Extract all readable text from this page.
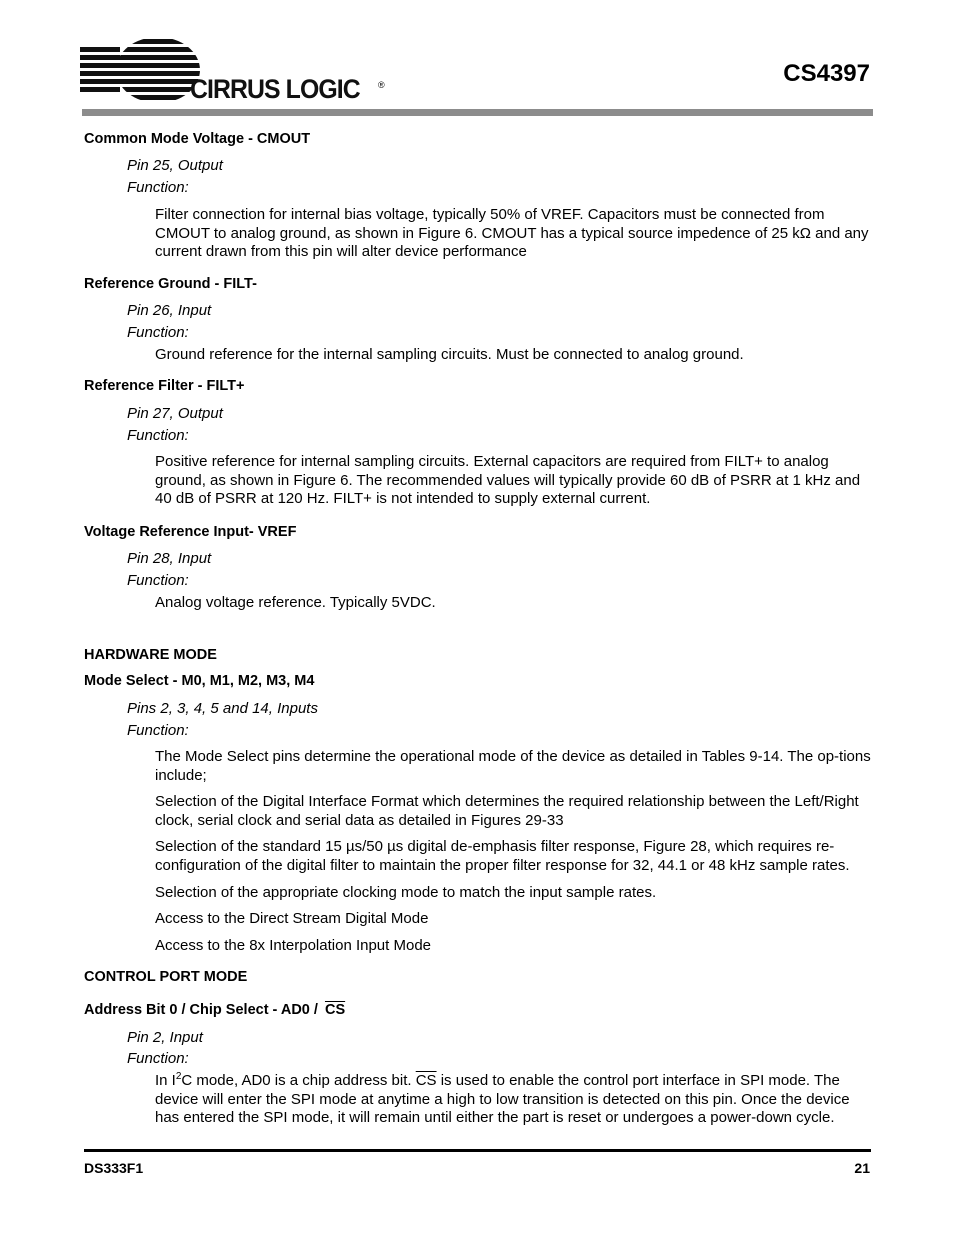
CIRRUS LOGIC ®	CS4397
Common Mode Voltage - CMOUT
Pin 25, Output
Function:
Filter connection for internal bias voltage, typically 50% of VREF. Capacitors must be connected from CMOUT to analog ground, as shown in Figure 6. CMOUT has a typical source impedence of 25 kΩ and any current drawn from this pin will alter device performance
Reference Ground - FILT-
Pin 26, Input
Function:
Ground reference for the internal sampling circuits. Must be connected to analog ground.
Reference Filter - FILT+
Pin 27, Output
Function:
Positive reference for internal sampling circuits. External capacitors are required from FILT+ to analog ground, as shown in Figure 6. The recommended values will typically provide 60 dB of PSRR at 1 kHz and 40 dB of PSRR at 120 Hz. FILT+ is not intended to supply external current.
Voltage Reference Input- VREF
Pin 28, Input
Function:
Analog voltage reference. Typically 5VDC.
HARDWARE MODE
Mode Select - M0, M1, M2, M3, M4
Pins 2, 3, 4, 5 and 14, Inputs
Function:
The Mode Select pins determine the operational mode of the device as detailed in Tables 9-14. The op-tions include;
Selection of the Digital Interface Format which determines the required relationship between the Left/Right clock, serial clock and serial data as detailed in Figures 29-33
Selection of the standard 15 µs/50 µs digital de-emphasis filter response, Figure 28, which requires re-configuration of the digital filter to maintain the proper filter response for 32, 44.1 or 48 kHz sample rates.
Selection of the appropriate clocking mode to match the input sample rates.
Access to the Direct Stream Digital Mode
Access to the 8x Interpolation Input Mode
CONTROL PORT MODE
Address Bit 0 / Chip Select - $AD0 / \overline{CS}$
Pin 2, Input
Function:
In $I^2C$ mode, AD0 is a chip address bit. $\overline{CS}$ is used to enable the control port interface in SPI mode. The device will enter the SPI mode at anytime a high to low transition is detected on this pin. Once the device has entered the SPI mode, it will remain until either the part is reset or undergoes a power-down cycle.
DS333F1	21
